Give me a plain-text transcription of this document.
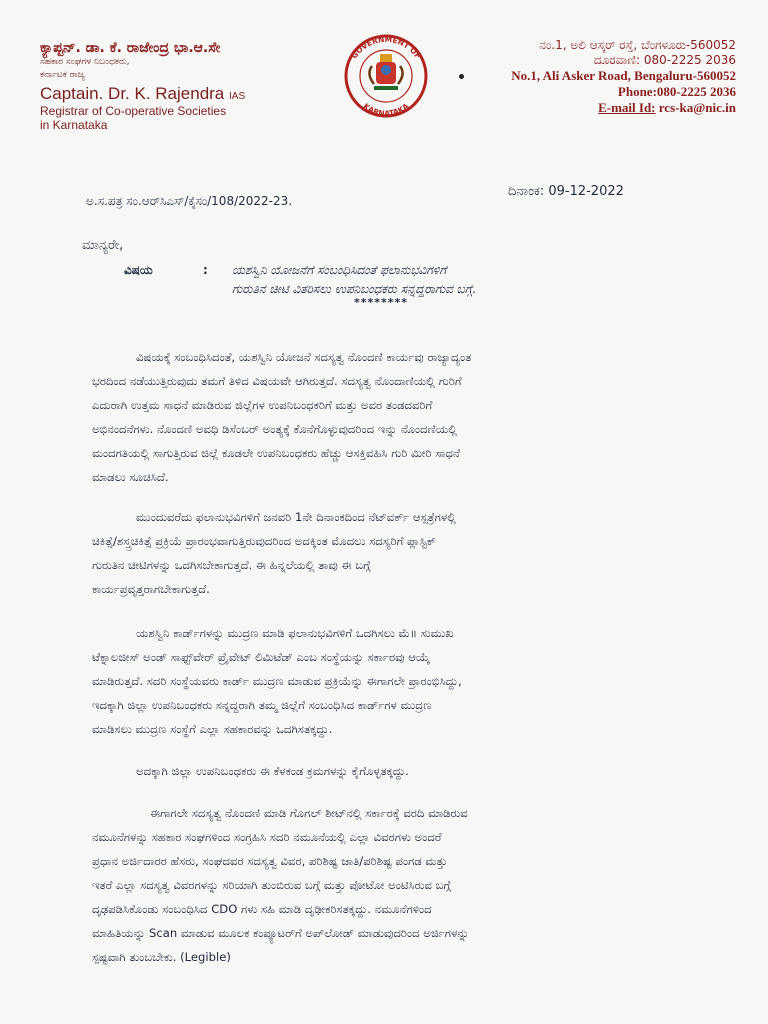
ಕ್ಯಾಪ್ಟನ್. ಡಾ. ಕೆ. ರಾಜೇಂದ್ರ ಭಾ.ಆ.ಸೇ
ಸಹಕಾರ ಸಂಘಗಳ ನಿಬಂಧಕರು,
ಕರ್ನಾಟಕ ರಾಜ್ಯ
Captain. Dr. K. Rajendra IAS
Registrar of Co-operative Societies
in Karnataka
GOVERNMENT OF
KARNATAKA
ನಂ.1, ಅಲಿ ಆಸ್ಕರ್ ರಸ್ತೆ, ಬೆಂಗಳೂರು-560052
ದೂರವಾಣಿ: 080-2225 2036
No.1, Ali Asker Road, Bengaluru-560052
Phone:080-2225 2036
E-mail Id: rcs-ka@nic.in
ಅ.ಸ.ಪತ್ರ ಸಂ.ಆರ್‌ಸಿಎಸ್/ಕೈಸಂ/108/2022-23.
ದಿನಾಂಕ: 09-12-2022
ಮಾನ್ಯರೇ,
ವಿಷಯ	: ಯಶಸ್ವಿನಿ ಯೋಜನೆಗೆ ಸಂಬಂಧಿಸಿದಂತೆ ಫಲಾನುಭವಿಗಳಿಗೆ
ಗುರುತಿನ ಚೀಟಿ ವಿತರಿಸಲು ಉಪನಿಬಂಧಕರು ಸನ್ನದ್ದರಾಗುವ ಬಗ್ಗೆ.
********
ವಿಷಯಕ್ಕೆ ಸಂಬಂಧಿಸಿದಂತೆ, ಯಶಸ್ವಿನಿ ಯೋಜನೆ ಸದಸ್ಯತ್ವ ನೊಂದಣಿ ಕಾರ್ಯವು ರಾಜ್ಯಾದ್ಯಂತ
ಭರದಿಂದ ನಡೆಯುತ್ತಿರುವುದು ತಮಗೆ ತಿಳಿದ ವಿಷಯವೇ ಆಗಿರುತ್ತದೆ. ಸದಸ್ಯತ್ವ ನೊಂದಾಣಿಯಲ್ಲಿ ಗುರಿಗೆ
ಎದುರಾಗಿ ಉತ್ತಮ ಸಾಧನೆ ಮಾಡಿರುವ ಜಿಲ್ಲೆಗಳ ಉಪನಿಬಂಧಕರಿಗೆ ಮತ್ತು ಅವರ ತಂಡದವರಿಗೆ
ಅಭಿನಂದನೆಗಳು. ನೊಂದಣಿ ಅವಧಿ ಡಿಸೆಂಬರ್ ಅಂತ್ಯಕ್ಕೆ ಕೊನೆಗೊಳ್ಳುವುದರಿಂದ ಇನ್ನು ನೊಂದಣಿಯಲ್ಲಿ
ಮಂದಗತಿಯಲ್ಲಿ ಸಾಗುತ್ತಿರುವ ಜಿಲ್ಲೆ ಕೂಡಲೇ ಉಪನಿಬಂಧಕರು ಹೆಚ್ಚು ಆಸಕ್ತಿವಹಿಸಿ ಗುರಿ ಮೀರಿ ಸಾಧನೆ
ಮಾಡಲು ಸೂಚಿಸಿದೆ.
ಮುಂದುವರೆದು ಫಲಾನುಭವಿಗಳಿಗೆ ಜನವರಿ 1ನೇ ದಿನಾಂಕದಿಂದ ನೆಟ್‌ವರ್ಕ್ ಆಸ್ಪತ್ರೆಗಳಲ್ಲಿ
ಚಿಕಿತ್ಸೆ/ಶಸ್ತ್ರಚಿಕಿತ್ಸೆ ಪ್ರಕ್ರಿಯೆ ಪ್ರಾರಂಭವಾಗುತ್ತಿರುವುದರಿಂದ ಅದಕ್ಕಿಂತ ಮೊದಲು ಸದಸ್ಯರಿಗೆ ಪ್ಲಾಸ್ಟಿಕ್
ಗುರುತಿನ ಚೀಟಿಗಳನ್ನು ಒದಗಿಸಬೇಕಾಗುತ್ತದೆ. ಈ ಹಿನ್ನಲೆಯಲ್ಲಿ ತಾವು ಈ ಬಗ್ಗೆ
ಕಾರ್ಯಪ್ರವೃತ್ತರಾಗಬೇಕಾಗುತ್ತದೆ.
ಯಶಸ್ವಿನಿ ಕಾರ್ಡ್‌ಗಳನ್ನು ಮುದ್ರಣ ಮಾಡಿ ಫಲಾನುಭವಿಗಳಿಗೆ ಒದಗಿಸಲು ಮೆ॥ ಸುಮುಖ
ಟೆಕ್ನಾಲಜೀಸ್ ಅಂಡ್ ಸಾಫ್ಟ್‌ವೇರ್ ಪ್ರೈವೇಟ್ ಲಿಮಿಟೆಡ್ ಎಂಬ ಸಂಸ್ಥೆಯನ್ನು ಸರ್ಕಾರವು ಆಯ್ಕೆ
ಮಾಡಿರುತ್ತದೆ. ಸದರಿ ಸಂಸ್ಥೆಯವರು ಕಾರ್ಡ್ ಮುದ್ರಣ ಮಾಡುವ ಪ್ರಕ್ರಿಯೆನ್ನು ಈಗಾಗಲೇ ಪ್ರಾರಂಭಿಸಿದ್ದು,
ಇದಕ್ಕಾಗಿ ಜಿಲ್ಲಾ ಉಪನಿಬಂಧಕರು ಸನ್ನದ್ದರಾಗಿ ತಮ್ಮ ಜಿಲ್ಲೆಗೆ ಸಂಬಂಧಿಸಿದ ಕಾರ್ಡ್‌ಗಳ ಮುದ್ರಣ
ಮಾಡಿಸಲು ಮುದ್ರಣ ಸಂಸ್ಥೆಗೆ ಎಲ್ಲಾ ಸಹಕಾರವನ್ನು ಒದಗಿಸತಕ್ಕದ್ದು.
ಅದಕ್ಕಾಗಿ ಜಿಲ್ಲಾ ಉಪನಿಬಂಧಕರು ಈ ಕೆಳಕಂಡ ಕ್ರಮಗಳನ್ನು ಕೈಗೊಳ್ಳತಕ್ಕದ್ದು.
ಈಗಾಗಲೇ ಸದಸ್ಯತ್ವ ನೊಂದಣಿ ಮಾಡಿ ಗೊಗಲ್ ಶೀಟ್‌ನಲ್ಲಿ ಸರ್ಕಾರಕ್ಕೆ ವರದಿ ಮಾಡಿರುವ
ನಮೂನೆಗಳನ್ನು ಸಹಕಾರ ಸಂಘಗಳಿಂದ ಸಂಗ್ರಹಿಸಿ ಸದರಿ ನಮೂನೆಯಲ್ಲಿ ಎಲ್ಲಾ ವಿವರಗಳು ಅಂದರೆ
ಪ್ರಧಾನ ಅರ್ಜಿದಾರರ ಹೆಸರು, ಸಂಘದವರ ಸದಸ್ಯತ್ವ ವಿವರ, ಪರಿಶಿಷ್ಟ ಜಾತಿ/ಪರಿಶಿಷ್ಟ ಪಂಗಡ ಮತ್ತು
ಇತರೆ ಎಲ್ಲಾ ಸದಸ್ಯತ್ವ ವಿವರಗಳನ್ನು ಸರಿಯಾಗಿ ತುಂಬಿರುವ ಬಗ್ಗೆ ಮತ್ತು ಪೋಟೋ ಅಂಟಿಸಿರುವ ಬಗ್ಗೆ
ದೃಢಪಡಿಸಿಕೊಂಡು ಸಂಬಂಧಿಸಿದ CDO ಗಳು ಸಹಿ ಮಾಡಿ ದೃಢೀಕರಿಸತಕ್ಕದ್ದು. ನಮೂನೆಗಳಿಂದ
ಮಾಹಿತಿಯನ್ನು Scan ಮಾಡುವ ಮೂಲಕ ಕಂಪ್ಯೂಟರ್‌ಗೆ ಅಪ್‌ಲೋಡ್ ಮಾಡುವುದರಿಂದ ಅರ್ಜಿಗಳನ್ನು
ಸ್ಪಷ್ಟವಾಗಿ ತುಂಬಬೇಕು. (Legible)
